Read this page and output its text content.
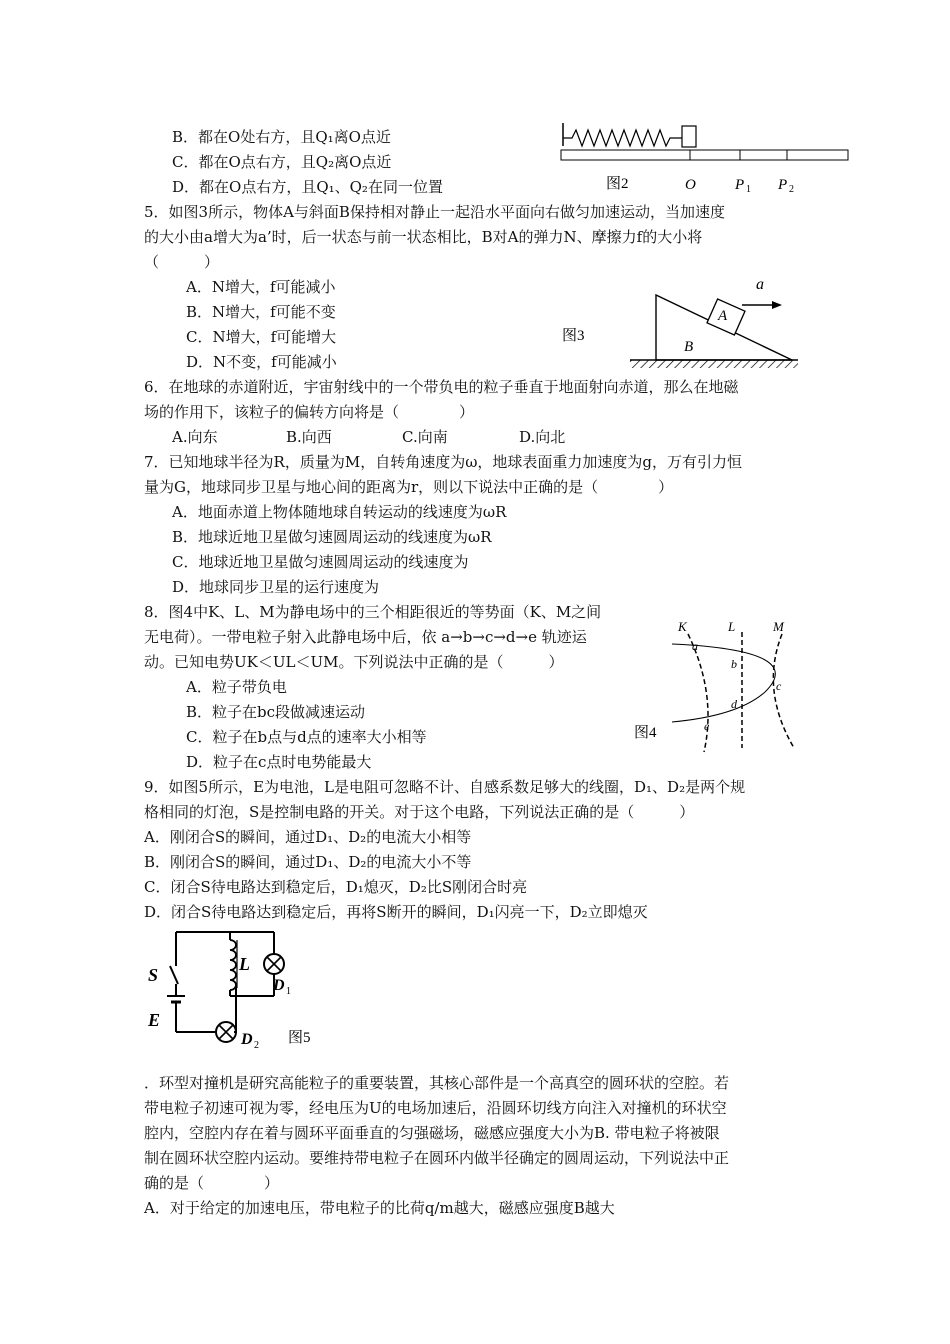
B．都在O处右方，且Q₁离O点近
C．都在O点右方，且Q₂离O点近
D．都在O点右方，且Q₁、Q₂在同一位置	图2	O	P 1 P 2
5．如图3所示，物体A与斜面B保持相对静止一起沿水平面向右做匀加速运动，当加速度
的大小由a增大为a’时，后一状态与前一状态相比，B对A的弹力N、摩擦力f的大小将
（　　　）
A．N增大，f可能减小
B．N增大，f可能不变
C．N增大，f可能增大
D．N不变，f可能减小
A
B
a
图3
6．在地球的赤道附近，宇宙射线中的一个带负电的粒子垂直于地面射向赤道，那么在地磁
场的作用下，该粒子的偏转方向将是（　　　　）
A.向东	B.向西	C.向南	D.向北
7．已知地球半径为R，质量为M，自转角速度为ω，地球表面重力加速度为g，万有引力恒
量为G，地球同步卫星与地心间的距离为r，则以下说法中正确的是（　　　　）
A．地面赤道上物体随地球自转运动的线速度为ωR
B．地球近地卫星做匀速圆周运动的线速度为ωR
C．地球近地卫星做匀速圆周运动的线速度为
D．地球同步卫星的运行速度为
8．图4中K、L、M为静电场中的三个相距很近的等势面（K、M之间
无电荷）。一带电粒子射入此静电场中后，依 a→b→c→d→e 轨迹运
动。已知电势UK＜UL＜UM。下列说法中正确的是（　　　）
A．粒子带负电
B．粒子在bc段做减速运动
C．粒子在b点与d点的速率大小相等
D．粒子在c点时电势能最大
K	L	M
a
b
c
d
e
图4
9．如图5所示，E为电池，L是电阻可忽略不计、自感系数足够大的线圈，D₁、D₂是两个规
格相同的灯泡，S是控制电路的开关。对于这个电路，下列说法正确的是（　　　）
A．刚闭合S的瞬间，通过D₁、D₂的电流大小相等
B．刚闭合S的瞬间，通过D₁、D₂的电流大小不等
C．闭合S待电路达到稳定后，D₁熄灭，D₂比S刚闭合时亮
D．闭合S待电路达到稳定后，再将S断开的瞬间，D₁闪亮一下，D₂立即熄灭
S
E
L
D 1
D 2 图5
．环型对撞机是研究高能粒子的重要装置，其核心部件是一个高真空的圆环状的空腔。若
带电粒子初速可视为零，经电压为U的电场加速后，沿圆环切线方向注入对撞机的环状空
腔内，空腔内存在着与圆环平面垂直的匀强磁场，磁感应强度大小为B. 带电粒子将被限
制在圆环状空腔内运动。要维持带电粒子在圆环内做半径确定的圆周运动，下列说法中正
确的是（　　　　）
A．对于给定的加速电压，带电粒子的比荷q/m越大，磁感应强度B越大
